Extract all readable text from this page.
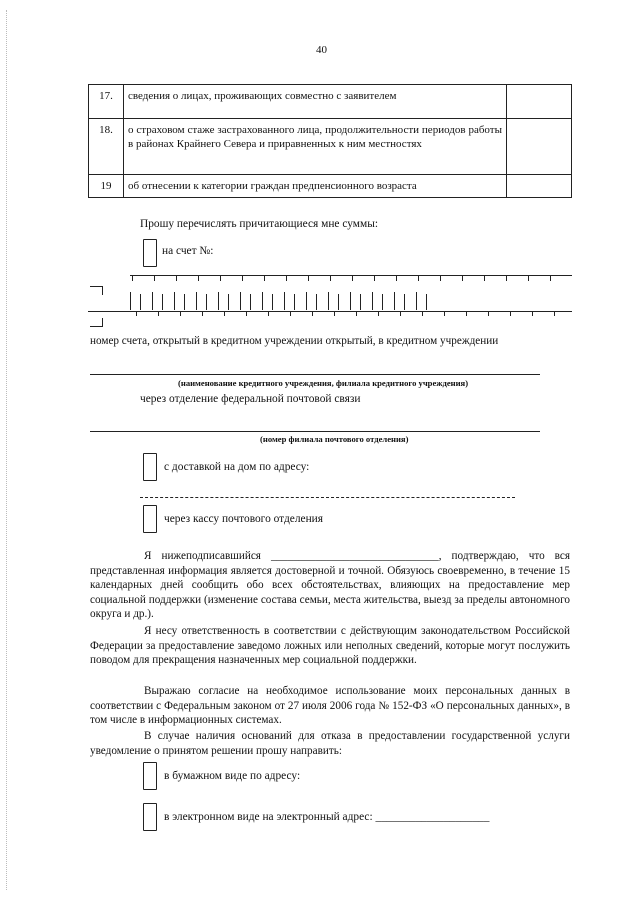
40
17.	сведения о лицах, проживающих совместно с заявителем	
18.	о страховом стаже застрахованного лица, продолжительности периодов работы в районах Крайнего Севера и приравненных к ним местностях	
19	об отнесении к категории граждан предпенсионного возраста	
Прошу перечислять причитающиеся мне суммы:
на счет №:
номер счета, открытый в кредитном учреждении открытый, в кредитном учреждении
(наименование кредитного учреждения, филиала кредитного учреждения)
через отделение федеральной почтовой связи
(номер филиала почтового отделения)
с доставкой на дом по адресу:
через кассу почтового отделения
Я нижеподписавшийся ______________________________, подтверждаю, что вся представленная информация является достоверной и точной. Обязуюсь своевременно, в течение 15 календарных дней сообщить обо всех обстоятельствах, влияющих на предоставление мер социальной поддержки (изменение состава семьи, места жительства, выезд за пределы автономного округа и др.).
Я несу ответственность в соответствии с действующим законодательством Российской Федерации за предоставление заведомо ложных или неполных сведений, которые могут послужить поводом для прекращения назначенных мер социальной поддержки.
Выражаю согласие на необходимое использование моих персональных данных в соответствии с Федеральным законом от 27 июля 2006 года № 152-ФЗ «О персональных данных», в том числе в информационных системах.
В случае наличия оснований для отказа в предоставлении государственной услуги уведомление о принятом решении прошу направить:
в бумажном виде по адресу:
в электронном виде на электронный адрес: ____________________
